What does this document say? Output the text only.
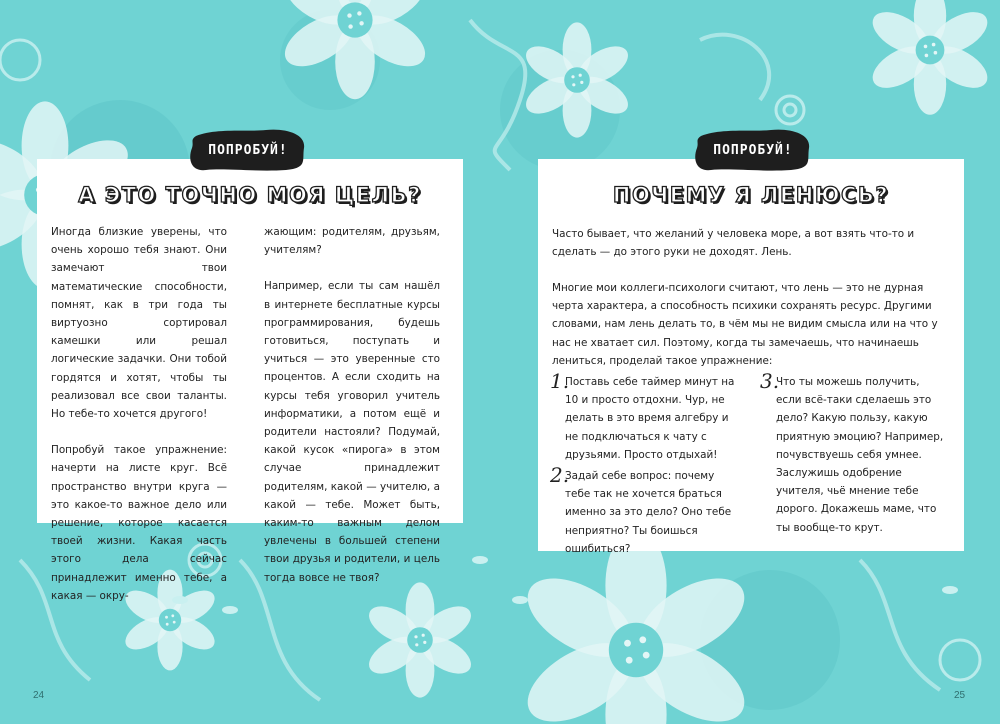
А ЭТО ТОЧНО МОЯ ЦЕЛЬ?

Иногда близкие уверены, что очень хорошо тебя знают. Они замечают твои математические способности, помнят, как в три года ты виртуозно сортировал камешки или решал логические задачки. Они тобой гордятся и хотят, чтобы ты реализовал все свои таланты. Но тебе-то хочется другого!

Попробуй такое упражнение: начерти на листе круг. Всё пространство внутри круга — это какое-то важное дело или решение, которое касается твоей жизни. Какая часть этого дела сейчас принадлежит именно тебе, а какая — окру-

жающим: родителям, друзьям, учителям?

Например, если ты сам нашёл в интернете бесплатные курсы программирования, будешь готовиться, поступать и учиться — это уверенные сто процентов. А если сходить на курсы тебя уговорил учитель информатики, а потом ещё и родители настояли? Подумай, какой кусок «пирога» в этом случае принадлежит родителям, какой — учителю, а какой — тебе. Может быть, каким-то важным делом увлечены в большей степени твои друзья и родители, и цель тогда вовсе не твоя?

ПОПРОБУЙ!
ПОЧЕМУ Я ЛЕНЮСЬ?

Часто бывает, что желаний у человека море, а вот взять что-то и сделать — до этого руки не доходят. Лень.

Многие мои коллеги-психологи считают, что лень — это не дурная черта характера, а способность психики сохранять ресурс. Другими словами, нам лень делать то, в чём мы не видим смысла или на что у нас не хватает сил. Поэтому, когда ты замечаешь, что начинаешь лениться, проделай такое упражнение:

1.
Поставь себе таймер минут на 10 и просто отдохни. Чур, не делать в это время алгебру и не подключаться к чату с друзьями. Просто отдыхай!
2.
Задай себе вопрос: почему тебе так не хочется браться именно за это дело? Оно тебе неприятно? Ты боишься ошибиться?
3.
Что ты можешь получить, если всё-таки сделаешь это дело? Какую пользу, какую приятную эмоцию? Например, почувствуешь себя умнее. Заслужишь одобрение учителя, чьё мнение тебе дорого. Докажешь маме, что ты вообще-то крут.
ПОПРОБУЙ!
24	25
